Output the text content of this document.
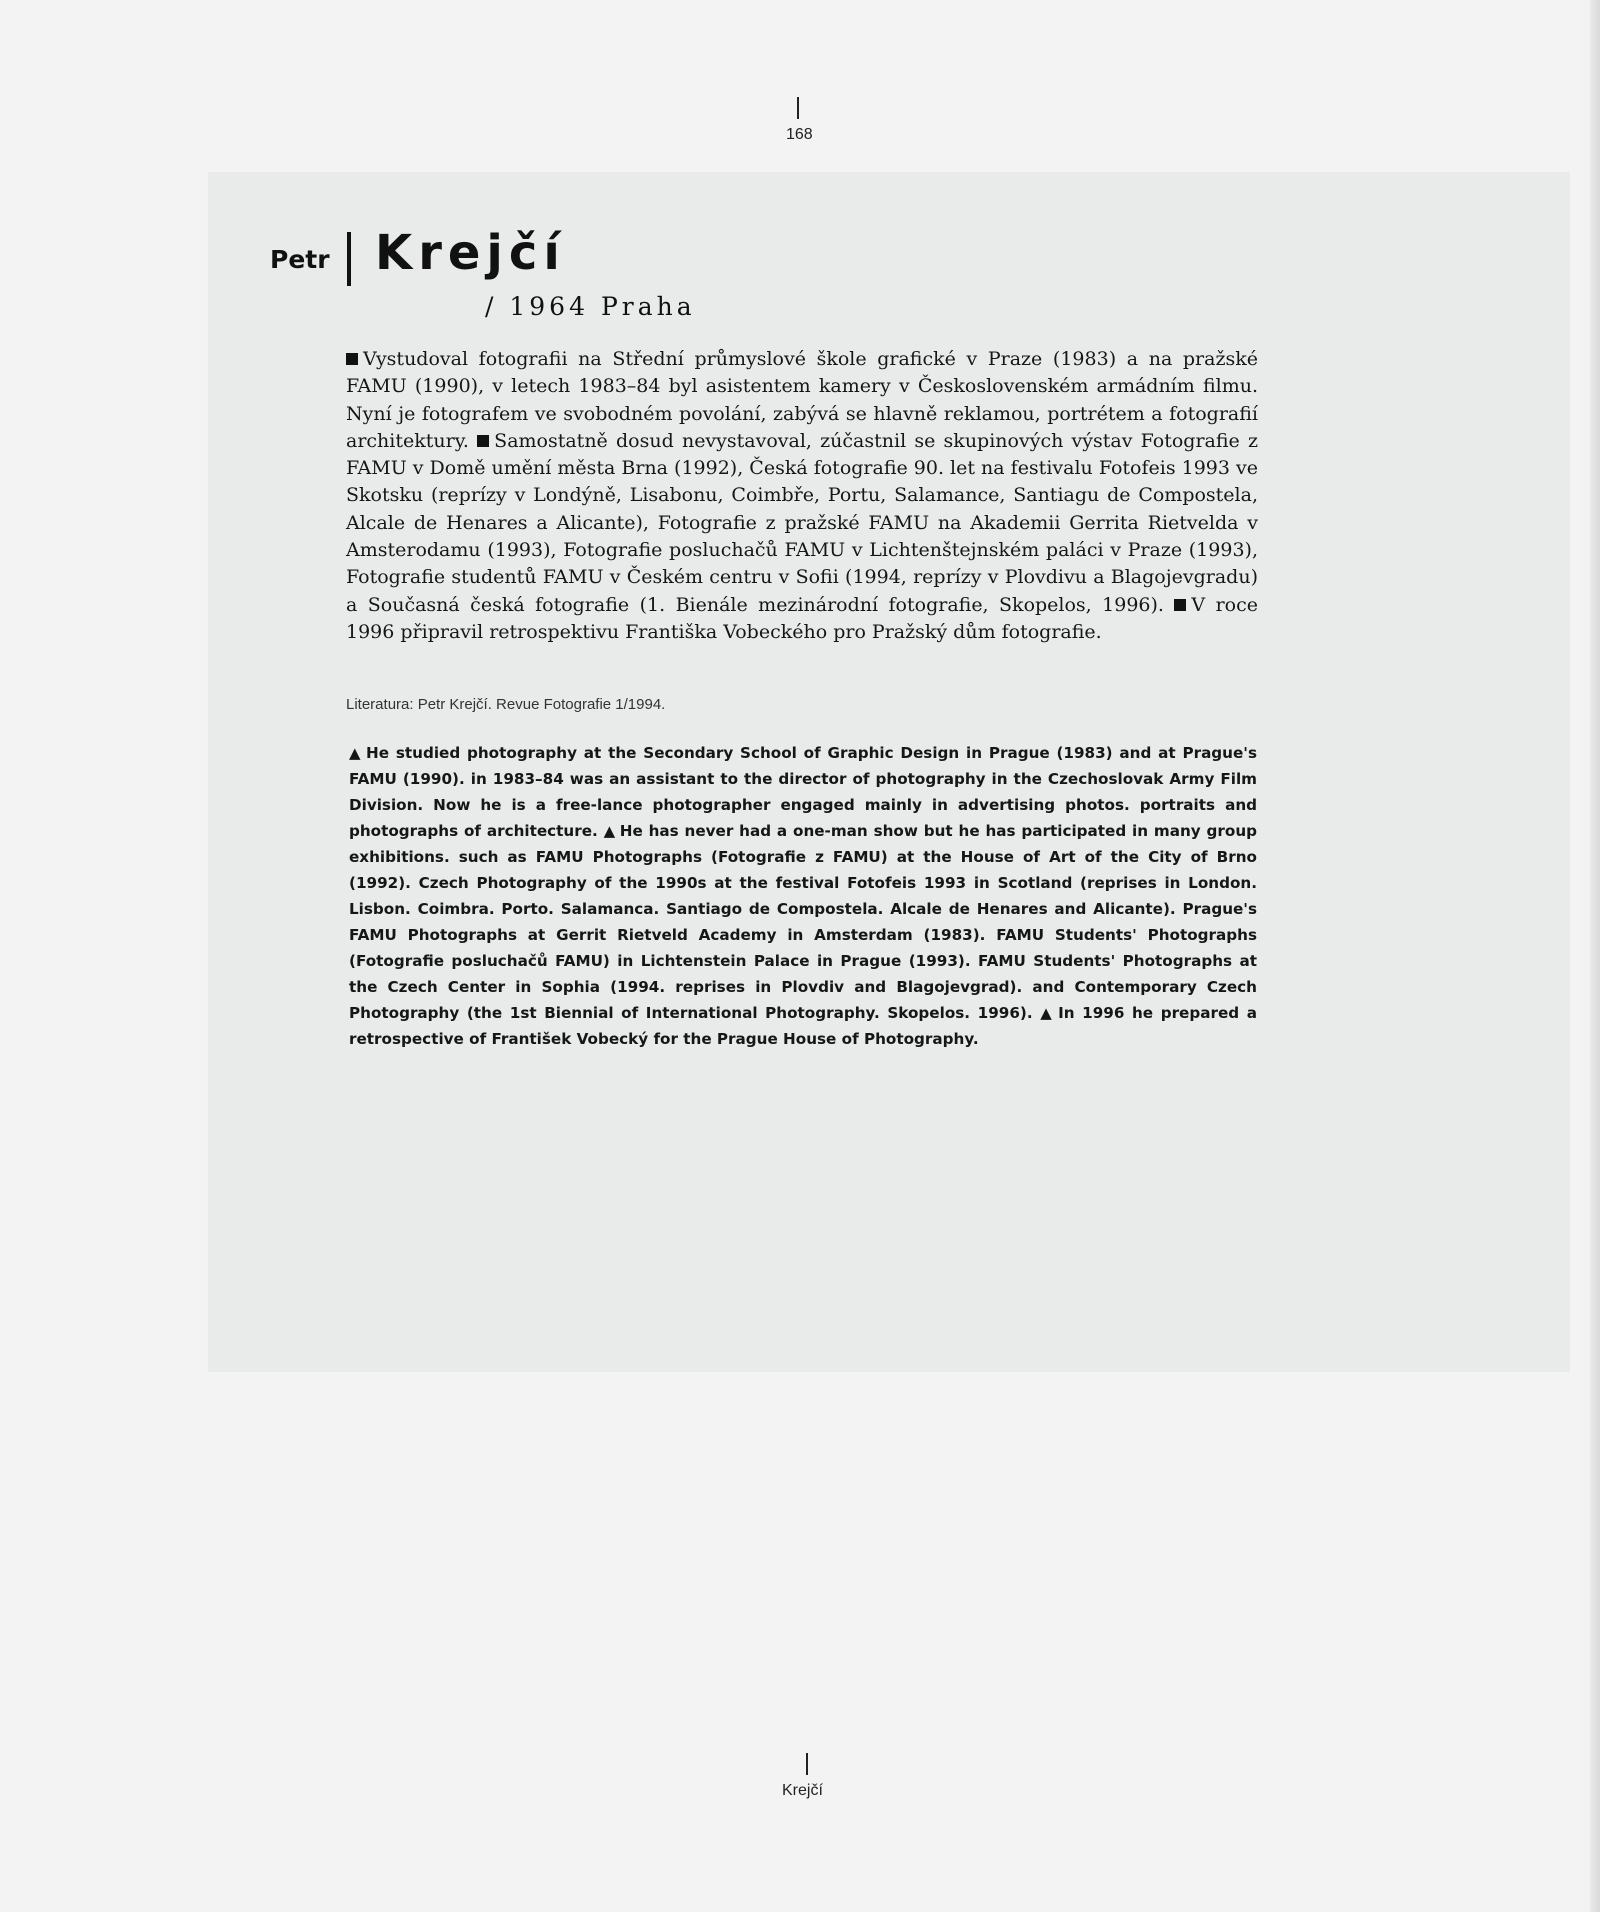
168
Petr Krejčí
/ 1964 Praha
Vystudoval fotografii na Střední průmyslové škole grafické v Praze (1983) a na pražské FAMU (1990), v letech 1983–84 byl asistentem kamery v Československém armádním filmu. Nyní je fotografem ve svobodném povolání, zabývá se hlavně reklamou, portrétem a fotografií architektury. Samostatně dosud nevystavoval, zúčastnil se skupinových výstav Fotografie z FAMU v Domě umění města Brna (1992), Česká fotografie 90. let na festivalu Fotofeis 1993 ve Skotsku (reprízy v Londýně, Lisabonu, Coimbře, Portu, Salamance, Santiagu de Compostela, Alcale de Henares a Alicante), Fotografie z pražské FAMU na Akademii Gerrita Rietvelda v Amsterodamu (1993), Fotografie posluchačů FAMU v Lichtenštejnském paláci v Praze (1993), Fotografie studentů FAMU v Českém centru v Sofii (1994, reprízy v Plovdivu a Blagojevgradu) a Současná česká fotografie (1. Bienále mezinárodní fotografie, Skopelos, 1996). V roce 1996 připravil retrospektivu Františka Vobeckého pro Pražský dům fotografie.
Literatura: Petr Krejčí. Revue Fotografie 1/1994.
▲ He studied photography at the Secondary School of Graphic Design in Prague (1983) and at Prague's FAMU (1990). in 1983–84 was an assistant to the director of photography in the Czechoslovak Army Film Division. Now he is a free-lance photographer engaged mainly in advertising photos. portraits and photographs of architecture. ▲ He has never had a one-man show but he has participated in many group exhibitions. such as FAMU Photographs (Fotografie z FAMU) at the House of Art of the City of Brno (1992). Czech Photography of the 1990s at the festival Fotofeis 1993 in Scotland (reprises in London. Lisbon. Coimbra. Porto. Salamanca. Santiago de Compostela. Alcale de Henares and Alicante). Prague's FAMU Photographs at Gerrit Rietveld Academy in Amsterdam (1983). FAMU Students' Photographs (Fotografie posluchačů FAMU) in Lichtenstein Palace in Prague (1993). FAMU Students' Photographs at the Czech Center in Sophia (1994. reprises in Plovdiv and Blagojevgrad). and Contemporary Czech Photography (the 1st Biennial of International Photography. Skopelos. 1996). ▲ In 1996 he prepared a retrospective of František Vobecký for the Prague House of Photography.
Krejčí
